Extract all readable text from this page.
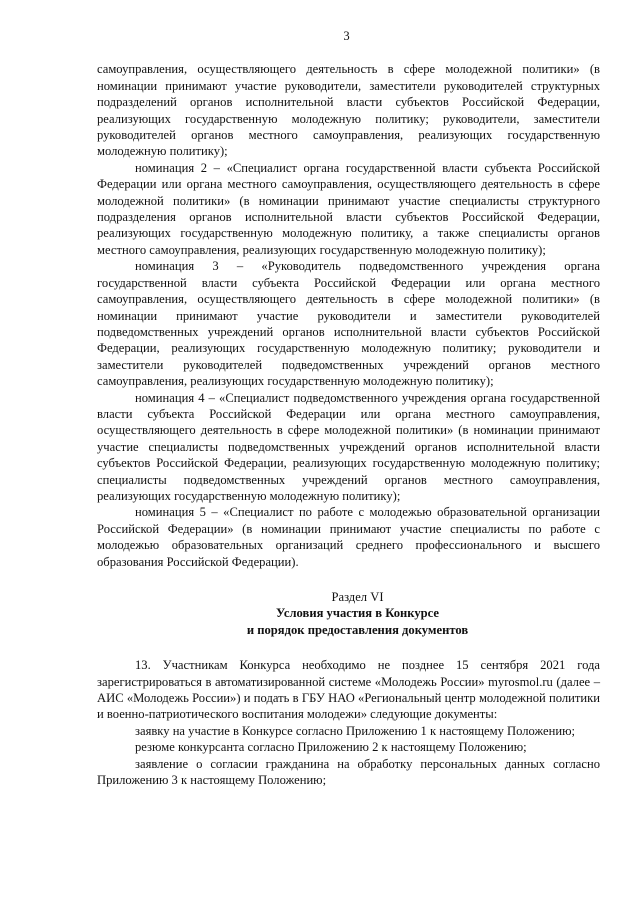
3

самоуправления, осуществляющего деятельность в сфере молодежной политики» (в номинации принимают участие руководители, заместители руководителей структурных подразделений органов исполнительной власти субъектов Российской Федерации, реализующих государственную молодежную политику; руководители, заместители руководителей органов местного самоуправления, реализующих государственную молодежную политику);

номинация 2 – «Специалист органа государственной власти субъекта Российской Федерации или органа местного самоуправления, осуществляющего деятельность в сфере молодежной политики» (в номинации принимают участие специалисты структурного подразделения органов исполнительной власти субъектов Российской Федерации, реализующих государственную молодежную политику, а также специалисты органов местного самоуправления, реализующих государственную молодежную политику);

номинация 3 – «Руководитель подведомственного учреждения органа государственной власти субъекта Российской Федерации или органа местного самоуправления, осуществляющего деятельность в сфере молодежной политики» (в номинации принимают участие руководители и заместители руководителей подведомственных учреждений органов исполнительной власти субъектов Российской Федерации, реализующих государственную молодежную политику; руководители и заместители руководителей подведомственных учреждений органов местного самоуправления, реализующих государственную молодежную политику);

номинация 4 – «Специалист подведомственного учреждения органа государственной власти субъекта Российской Федерации или органа местного самоуправления, осуществляющего деятельность в сфере молодежной политики» (в номинации принимают участие специалисты подведомственных учреждений органов исполнительной власти субъектов Российской Федерации, реализующих государственную молодежную политику; специалисты подведомственных учреждений органов местного самоуправления, реализующих государственную молодежную политику);

номинация 5 – «Специалист по работе с молодежью образовательной организации Российской Федерации» (в номинации принимают участие специалисты по работе с молодежью образовательных организаций среднего профессионального и высшего образования Российской Федерации).

Раздел VI
Условия участия в Конкурсе
и порядок предоставления документов

13. Участникам Конкурса необходимо не позднее 15 сентября 2021 года зарегистрироваться в автоматизированной системе «Молодежь России» myrosmol.ru (далее – АИС «Молодежь России») и подать в ГБУ НАО «Региональный центр молодежной политики и военно-патриотического воспитания молодежи» следующие документы:

заявку на участие в Конкурсе согласно Приложению 1 к настоящему Положению;

резюме конкурсанта согласно Приложению 2 к настоящему Положению;

заявление о согласии гражданина на обработку персональных данных согласно Приложению 3 к настоящему Положению;
